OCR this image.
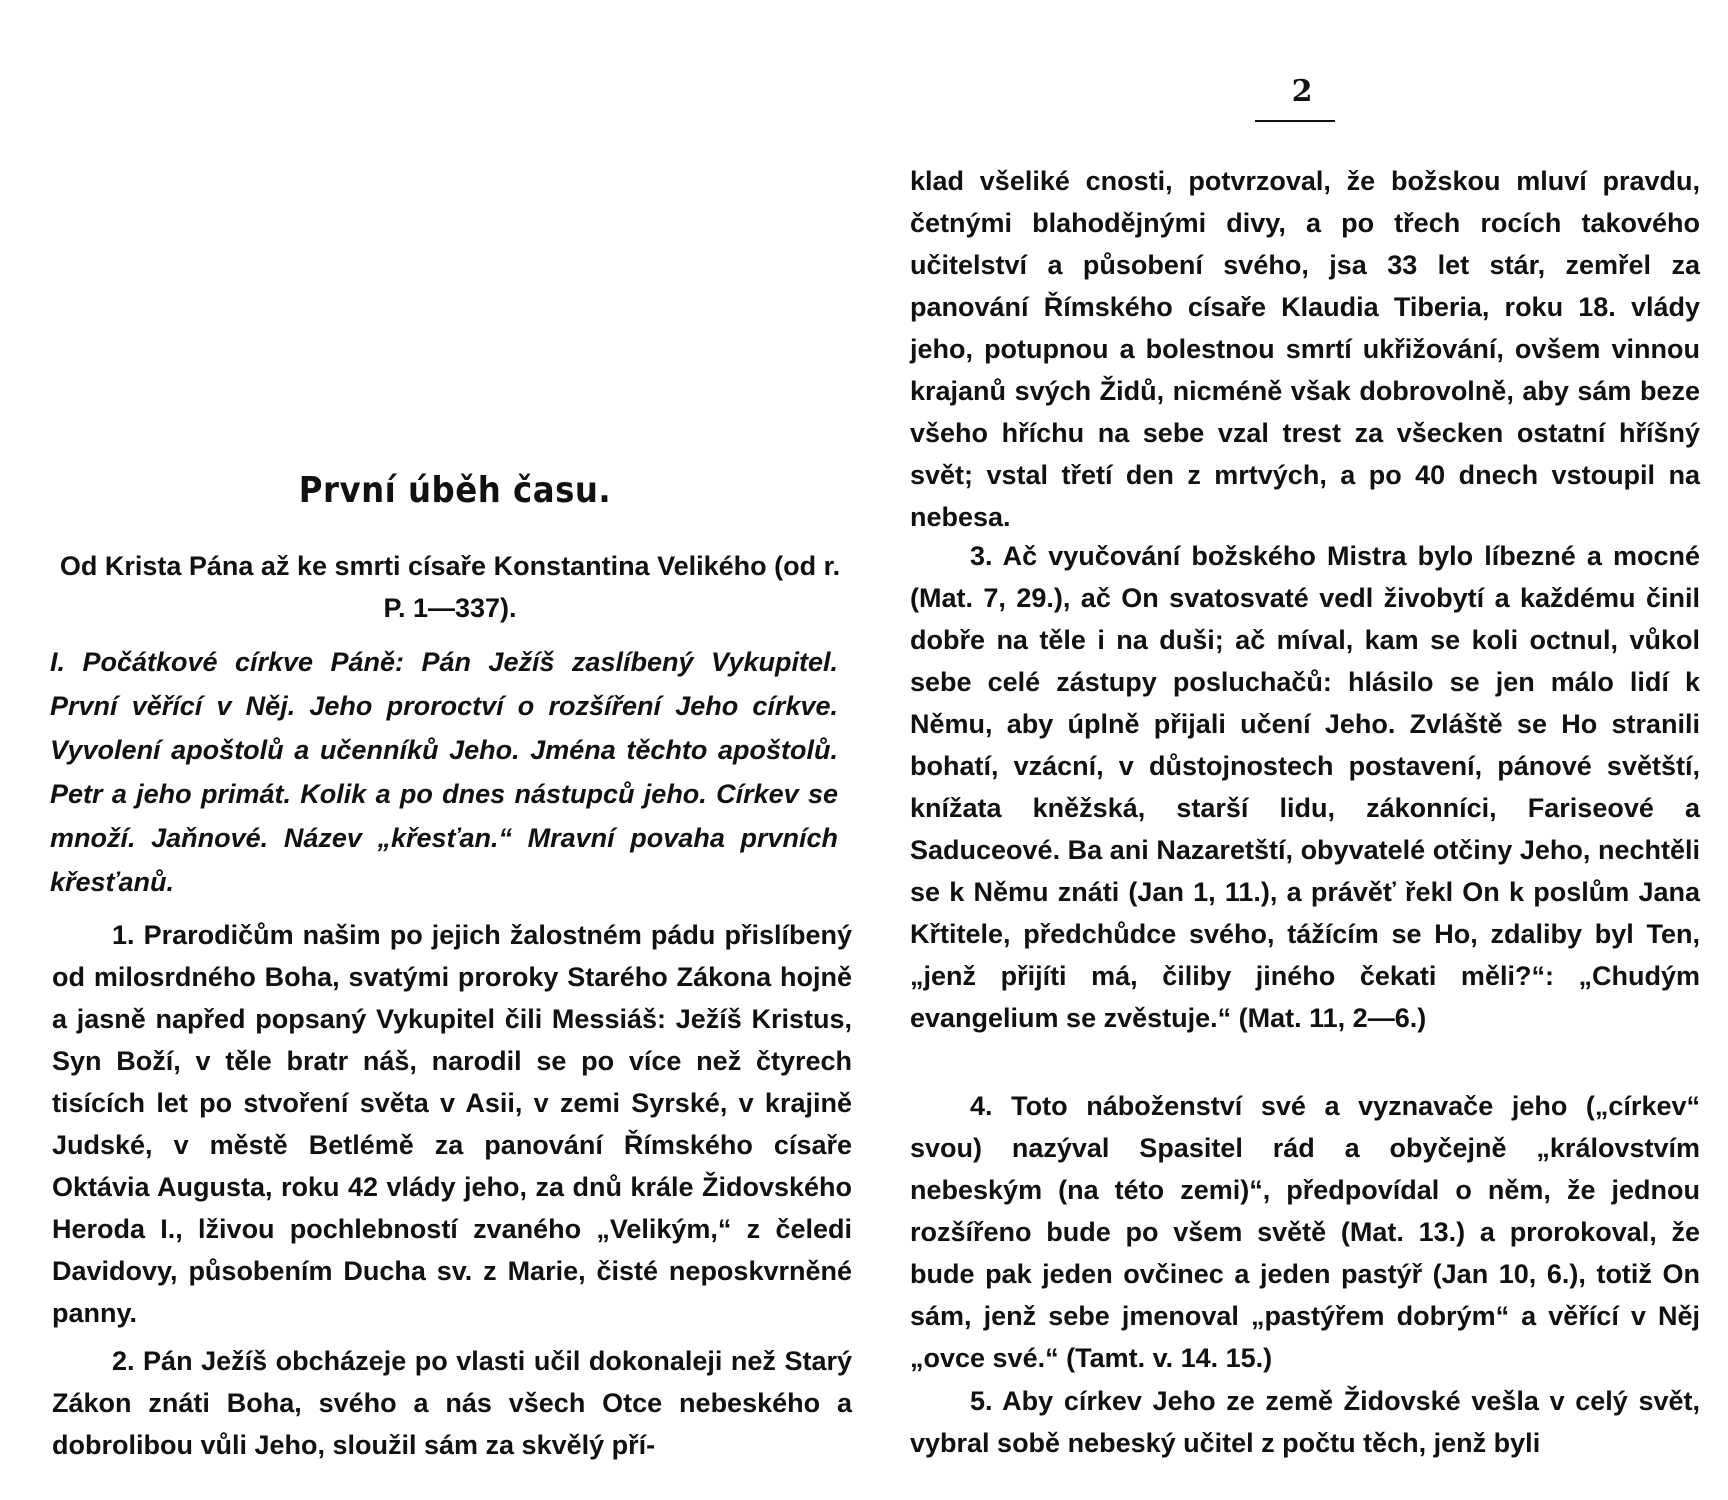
První úběh času.
Od Krista Pána až ke smrti císaře Konstantina Velikého (od r. P. 1—337).
I. Počátkové církve Páně: Pán Ježíš zaslíbený Vykupitel. První věřící v Něj. Jeho proroctví o rozšíření Jeho církve. Vyvolení apoštolů a učenníků Jeho. Jména těchto apoštolů. Petr a jeho primát. Kolik a po dnes nástupců jeho. Církev se množí. Jaňnové. Název „křesťan.“ Mravní povaha prvních křesťanů.
1. Prarodičům našim po jejich žalostném pádu přislíbený od milosrdného Boha, svatými proroky Starého Zákona hojně a jasně napřed popsaný Vykupitel čili Messiáš: Ježíš Kristus, Syn Boží, v těle bratr náš, narodil se po více než čtyrech tisících let po stvoření světa v Asii, v zemi Syrské, v krajině Judské, v městě Betlémě za panování Římského císaře Oktávia Augusta, roku 42 vlády jeho, za dnů krále Židovského Heroda I., lživou pochlebností zvaného „Velikým,“ z čeledi Davidovy, působením Ducha sv. z Marie, čisté neposkvrněné panny.
2. Pán Ježíš obcházeje po vlasti učil dokonaleji než Starý Zákon znáti Boha, svého a nás všech Otce nebeského a dobrolibou vůli Jeho, sloužil sám za skvělý pří-
2
klad všeliké cnosti, potvrzoval, že božskou mluví pravdu, četnými blahodějnými divy, a po třech rocích takového učitelství a působení svého, jsa 33 let stár, zemřel za panování Římského císaře Klaudia Tiberia, roku 18. vlády jeho, potupnou a bolestnou smrtí ukřižování, ovšem vinnou krajanů svých Židů, nicméně však dobrovolně, aby sám beze všeho hříchu na sebe vzal trest za všecken ostatní hříšný svět; vstal třetí den z mrtvých, a po 40 dnech vstoupil na nebesa.
3. Ač vyučování božského Mistra bylo líbezné a mocné (Mat. 7, 29.), ač On svatosvaté vedl živobytí a každému činil dobře na těle i na duši; ač míval, kam se koli octnul, vůkol sebe celé zástupy posluchačů: hlásilo se jen málo lidí k Němu, aby úplně přijali učení Jeho. Zvláště se Ho stranili bohatí, vzácní, v důstojnostech postavení, pánové světští, knížata kněžská, starší lidu, zákonníci, Fariseové a Saduceové. Ba ani Nazaretští, obyvatelé otčiny Jeho, nechtěli se k Němu znáti (Jan 1, 11.), a právěť řekl On k poslům Jana Křtitele, předchůdce svého, tážícím se Ho, zdaliby byl Ten, „jenž přijíti má, čiliby jiného čekati měli?“: „Chudým evangelium se zvěstuje.“ (Mat. 11, 2—6.)
4. Toto náboženství své a vyznavače jeho („církev“ svou) nazýval Spasitel rád a obyčejně „královstvím nebeským (na této zemi)“, předpovídal o něm, že jednou rozšířeno bude po všem světě (Mat. 13.) a prorokoval, že bude pak jeden ovčinec a jeden pastýř (Jan 10, 6.), totiž On sám, jenž sebe jmenoval „pastýřem dobrým“ a věřící v Něj „ovce své.“ (Tamt. v. 14. 15.)
5. Aby církev Jeho ze země Židovské vešla v celý svět, vybral sobě nebeský učitel z počtu těch, jenž byli
